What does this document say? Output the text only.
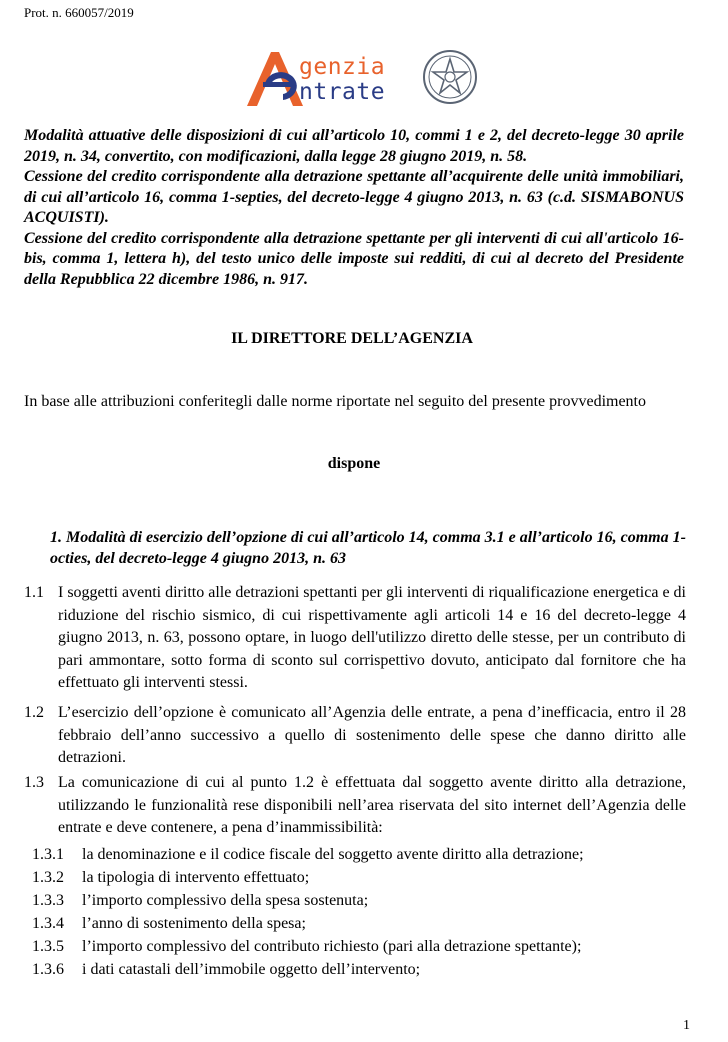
Prot. n. 660057/2019
genzia
ntrate

Modalità attuative delle disposizioni di cui all’articolo 10, commi 1 e 2, del decreto-legge 30 aprile 2019, n. 34, convertito, con modificazioni, dalla legge 28 giugno 2019, n. 58.

Cessione del credito corrispondente alla detrazione spettante all’acquirente delle unità immobiliari, di cui all’articolo 16, comma 1-septies, del decreto-legge 4 giugno 2013, n. 63 (c.d. SISMABONUS ACQUISTI).

Cessione del credito corrispondente alla detrazione spettante per gli interventi di cui all'articolo 16-bis, comma 1, lettera h), del testo unico delle imposte sui redditi, di cui al decreto del Presidente della Repubblica 22 dicembre 1986, n. 917.

IL DIRETTORE DELL’AGENZIA
In base alle attribuzioni conferitegli dalle norme riportate nel seguito del presente provvedimento
dispone
1. Modalità di esercizio dell’opzione di cui all’articolo 14, comma 3.1 e all’articolo 16, comma 1-octies, del decreto-legge 4 giugno 2013, n. 63
1.1 I soggetti aventi diritto alle detrazioni spettanti per gli interventi di riqualificazione energetica e di riduzione del rischio sismico, di cui rispettivamente agli articoli 14 e 16 del decreto-legge 4 giugno 2013, n. 63, possono optare, in luogo dell'utilizzo diretto delle stesse, per un contributo di pari ammontare, sotto forma di sconto sul corrispettivo dovuto, anticipato dal fornitore che ha effettuato gli interventi stessi.
1.2 L’esercizio dell’opzione è comunicato all’Agenzia delle entrate, a pena d’inefficacia, entro il 28 febbraio dell’anno successivo a quello di sostenimento delle spese che danno diritto alle detrazioni.
1.3 La comunicazione di cui al punto 1.2 è effettuata dal soggetto avente diritto alla detrazione, utilizzando le funzionalità rese disponibili nell’area riservata del sito internet dell’Agenzia delle entrate e deve contenere, a pena d’inammissibilità:
1.3.1 la denominazione e il codice fiscale del soggetto avente diritto alla detrazione;
1.3.2 la tipologia di intervento effettuato;
1.3.3 l’importo complessivo della spesa sostenuta;
1.3.4 l’anno di sostenimento della spesa;
1.3.5 l’importo complessivo del contributo richiesto (pari alla detrazione spettante);
1.3.6 i dati catastali dell’immobile oggetto dell’intervento;
1
